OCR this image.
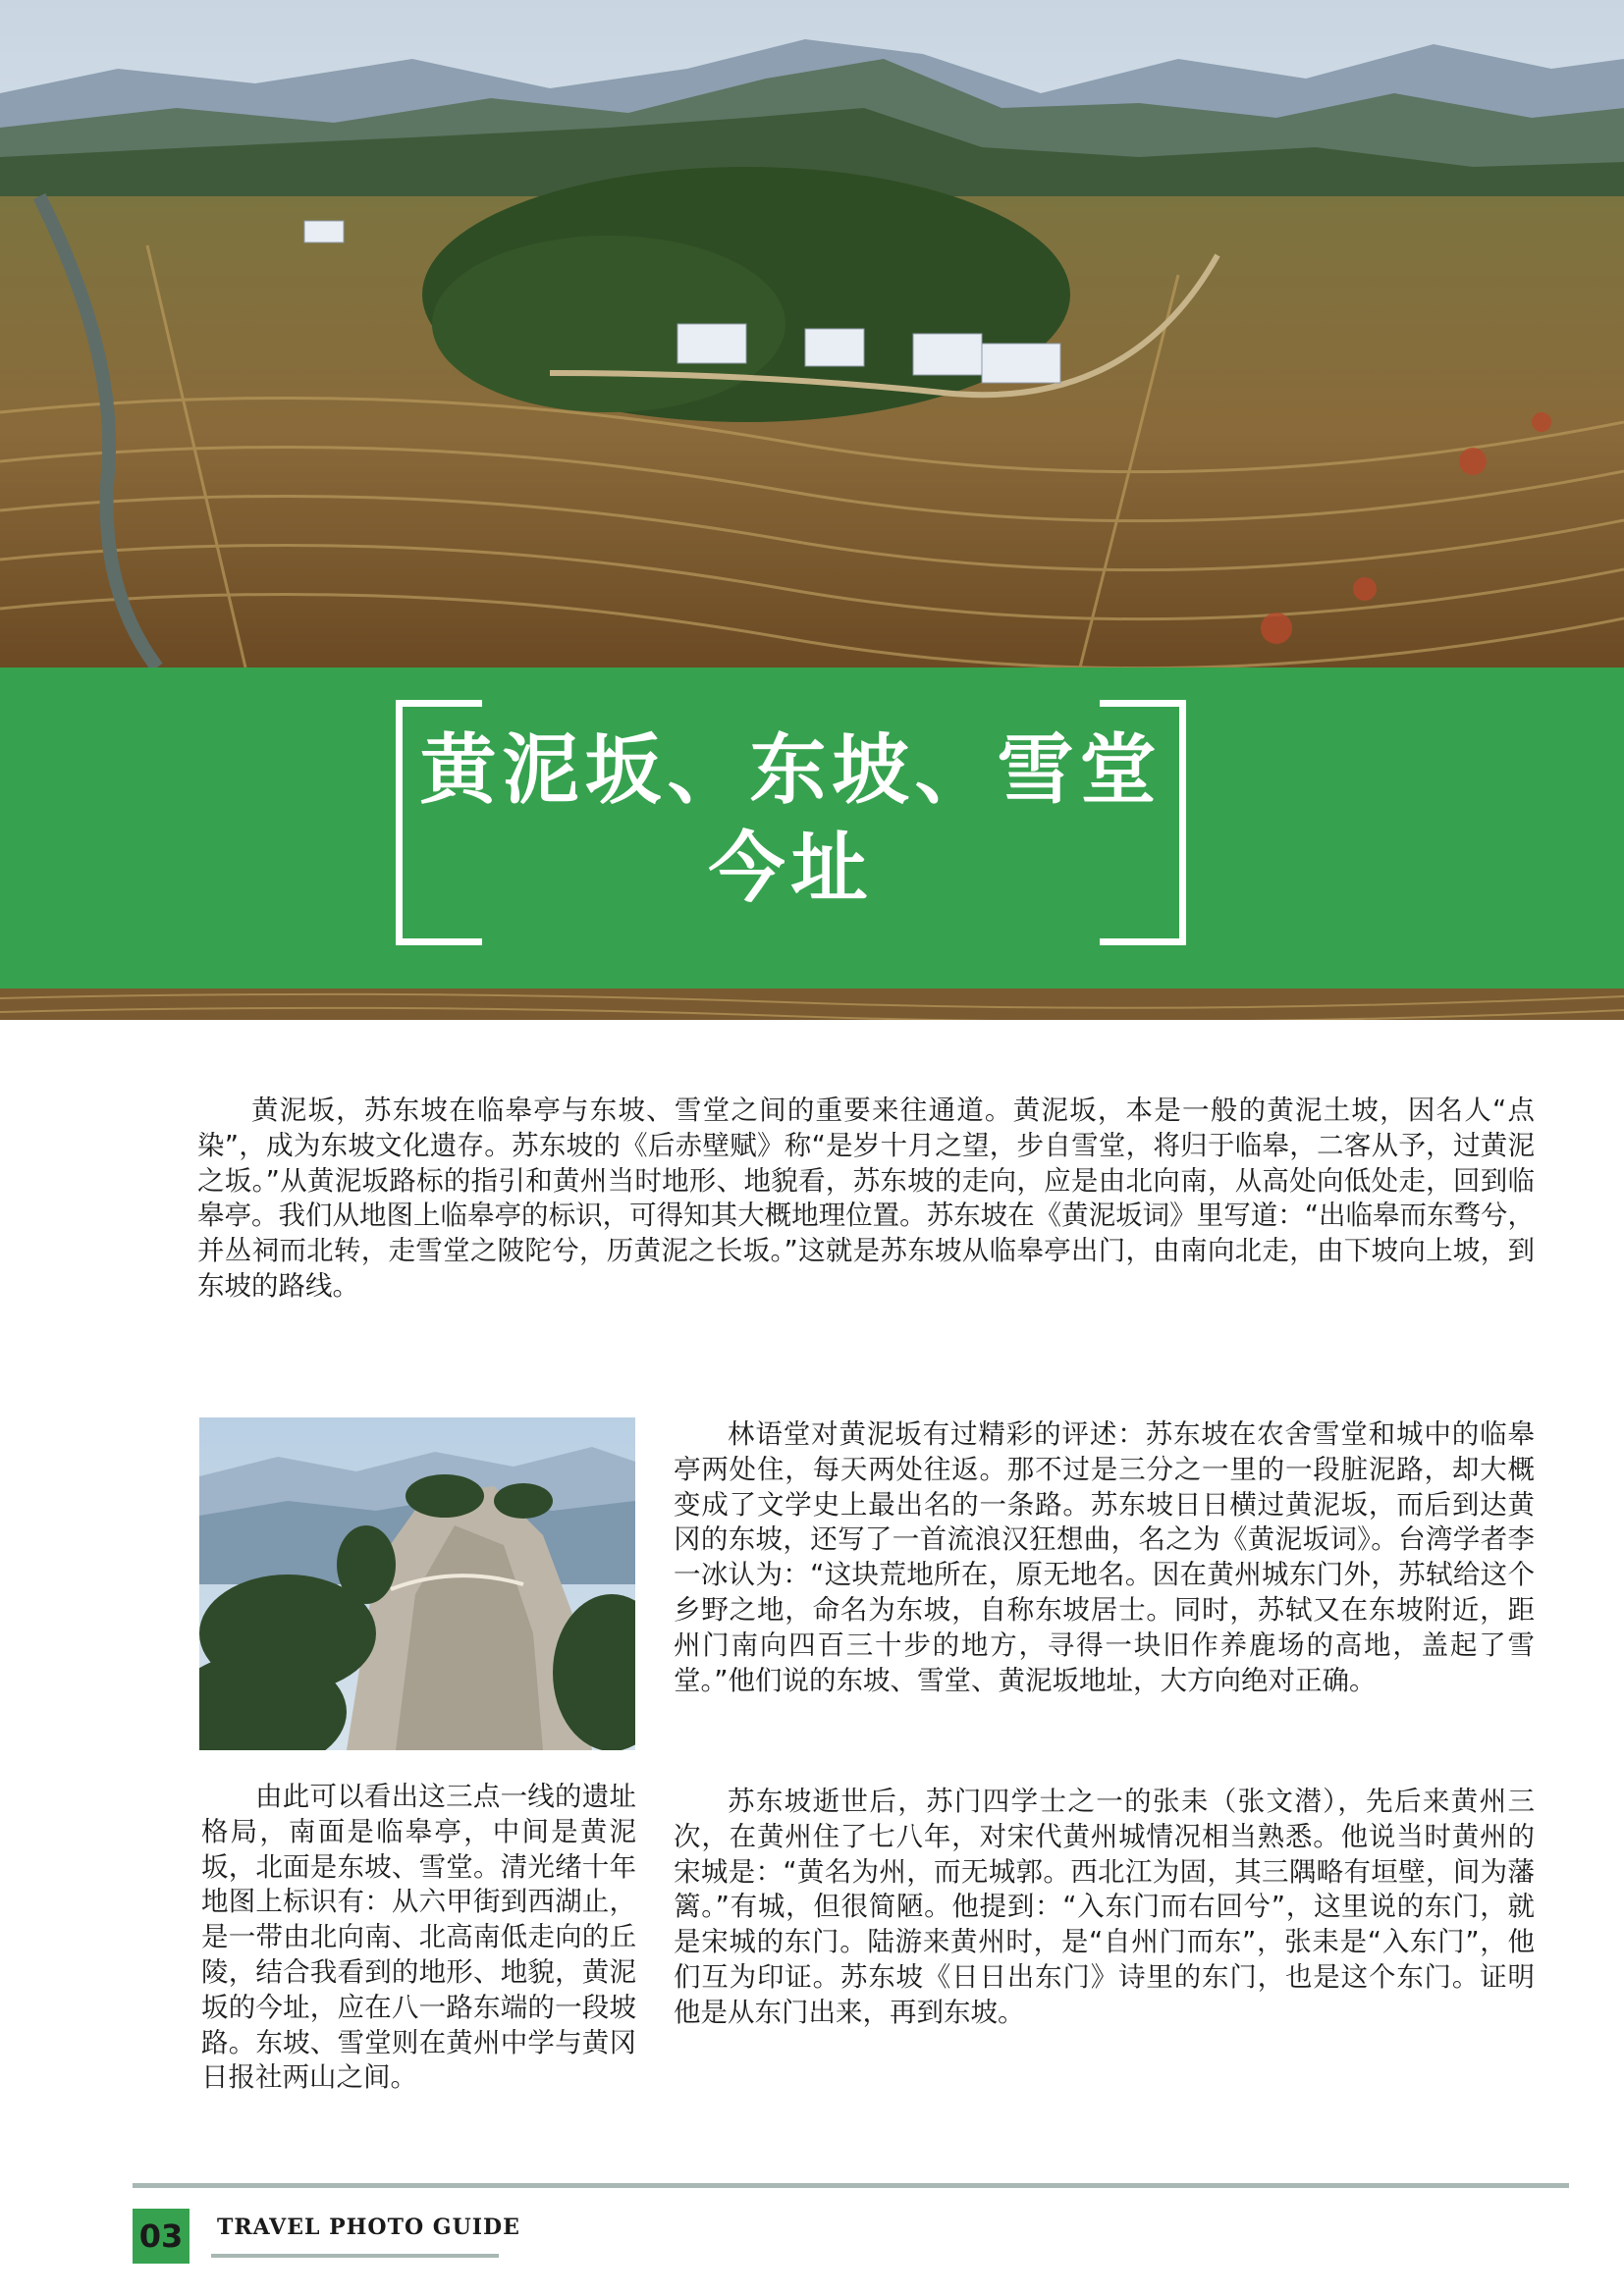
黄泥坂、东坡、雪堂
今址

黄泥坂，苏东坡在临皋亭与东坡、雪堂之间的重要来往通道。黄泥坂，本是一般的黄泥土坡，因名人“点染”，成为东坡文化遗存。苏东坡的《后赤壁赋》称“是岁十月之望，步自雪堂，将归于临皋，二客从予，过黄泥之坂。”从黄泥坂路标的指引和黄州当时地形、地貌看，苏东坡的走向，应是由北向南，从高处向低处走，回到临皋亭。我们从地图上临皋亭的标识，可得知其大概地理位置。苏东坡在《黄泥坂词》里写道：“出临皋而东骛兮，并丛祠而北转，走雪堂之陂陀兮，历黄泥之长坂。”这就是苏东坡从临皋亭出门，由南向北走，由下坡向上坡，到东坡的路线。

林语堂对黄泥坂有过精彩的评述：苏东坡在农舍雪堂和城中的临皋亭两处住，每天两处往返。那不过是三分之一里的一段脏泥路，却大概变成了文学史上最出名的一条路。苏东坡日日横过黄泥坂，而后到达黄冈的东坡，还写了一首流浪汉狂想曲，名之为《黄泥坂词》。台湾学者李一冰认为：“这块荒地所在，原无地名。因在黄州城东门外，苏轼给这个乡野之地，命名为东坡，自称东坡居士。同时，苏轼又在东坡附近，距州门南向四百三十步的地方，寻得一块旧作养鹿场的高地，盖起了雪堂。”他们说的东坡、雪堂、黄泥坂地址，大方向绝对正确。

苏东坡逝世后，苏门四学士之一的张耒（张文潜），先后来黄州三次，在黄州住了七八年，对宋代黄州城情况相当熟悉。他说当时黄州的宋城是：“黄名为州，而无城郭。西北江为固，其三隅略有垣壁，间为藩篱。”有城，但很简陋。他提到：“入东门而右回兮”，这里说的东门，就是宋城的东门。陆游来黄州时，是“自州门而东”，张耒是“入东门”，他们互为印证。苏东坡《日日出东门》诗里的东门，也是这个东门。证明他是从东门出来，再到东坡。

由此可以看出这三点一线的遗址格局，南面是临皋亭，中间是黄泥坂，北面是东坡、雪堂。清光绪十年地图上标识有：从六甲街到西湖止，是一带由北向南、北高南低走向的丘陵，结合我看到的地形、地貌，黄泥坂的今址，应在八一路东端的一段坡路。东坡、雪堂则在黄州中学与黄冈日报社两山之间。

03	TRAVEL PHOTO GUIDE
